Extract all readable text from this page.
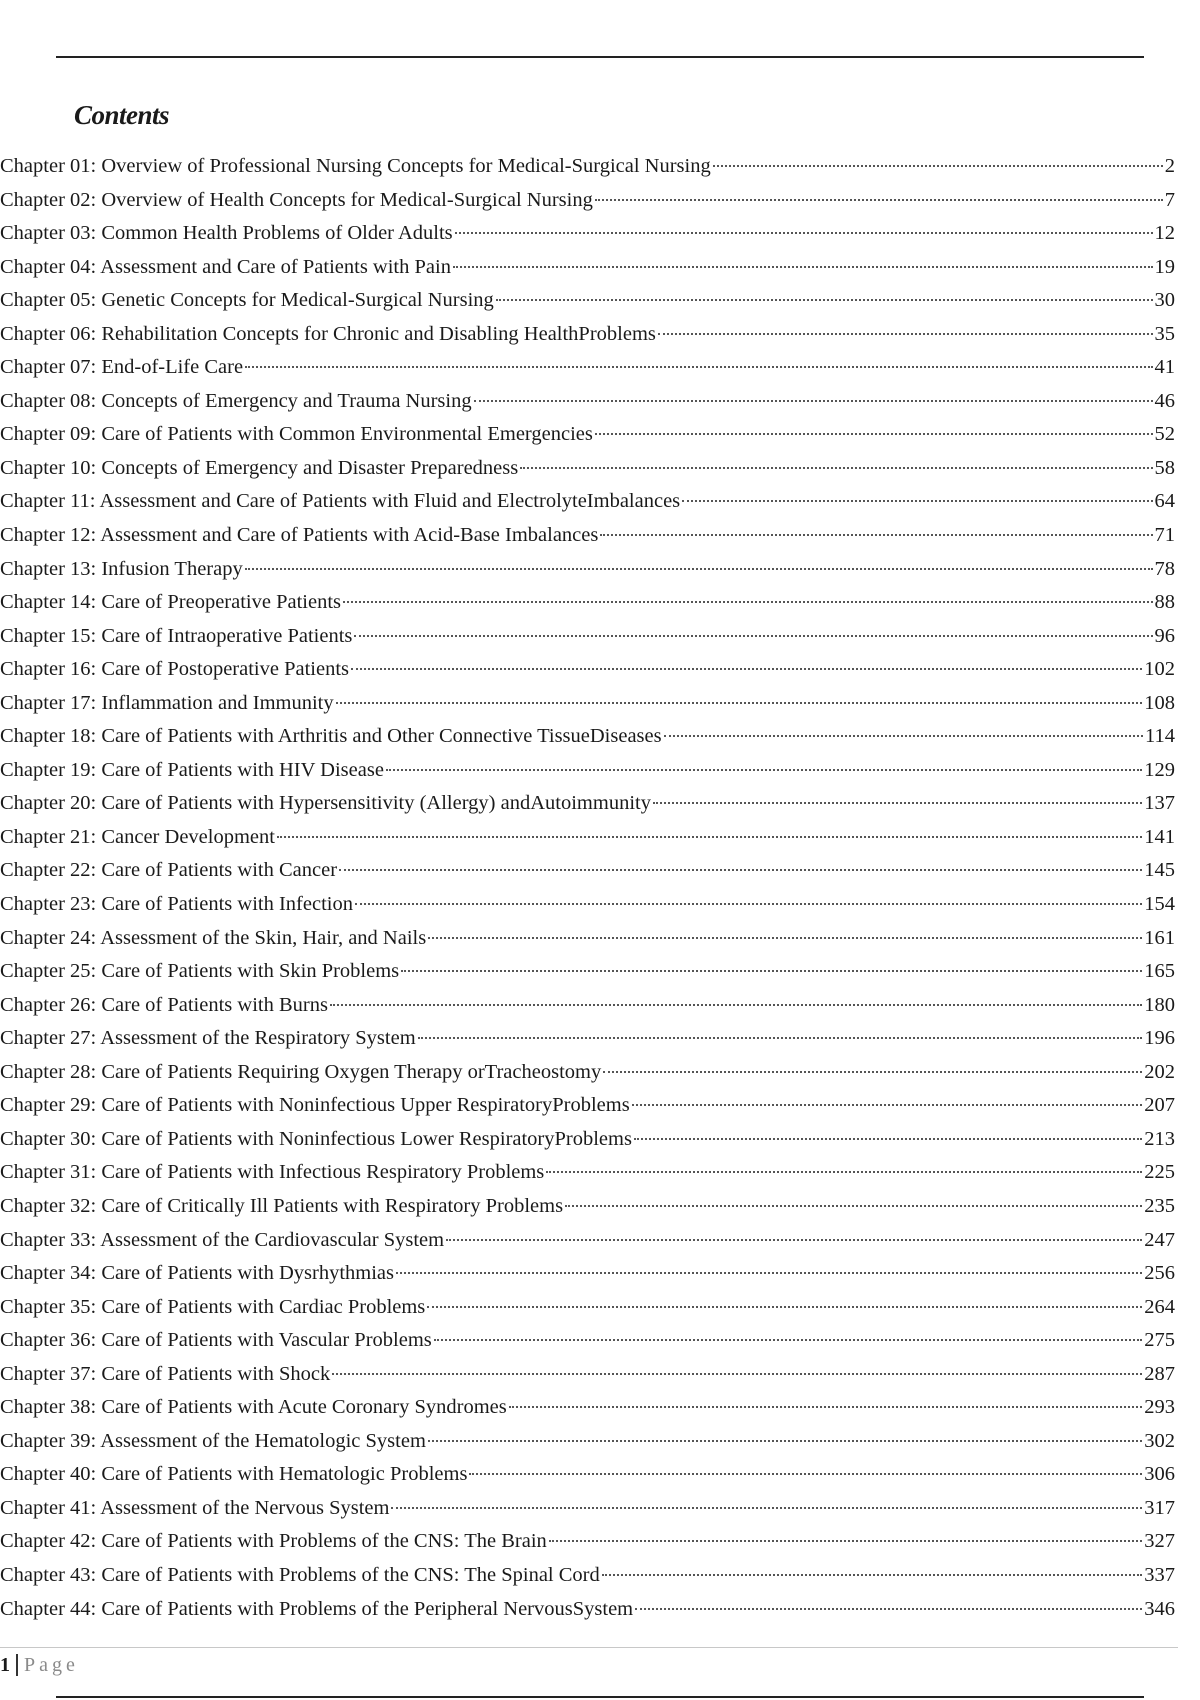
Contents
Chapter 01: Overview of Professional Nursing Concepts for Medical-Surgical Nursing	2
Chapter 02: Overview of Health Concepts for Medical-Surgical Nursing	7
Chapter 03: Common Health Problems of Older Adults	12
Chapter 04: Assessment and Care of Patients with Pain	19
Chapter 05: Genetic Concepts for Medical-Surgical Nursing	30
Chapter 06: Rehabilitation Concepts for Chronic and Disabling HealthProblems	35
Chapter 07: End-of-Life Care	41
Chapter 08: Concepts of Emergency and Trauma Nursing	46
Chapter 09: Care of Patients with Common Environmental Emergencies	52
Chapter 10: Concepts of Emergency and Disaster Preparedness	58
Chapter 11: Assessment and Care of Patients with Fluid and ElectrolyteImbalances	64
Chapter 12: Assessment and Care of Patients with Acid-Base Imbalances	71
Chapter 13: Infusion Therapy	78
Chapter 14: Care of Preoperative Patients	88
Chapter 15: Care of Intraoperative Patients	96
Chapter 16: Care of Postoperative Patients	102
Chapter 17: Inflammation and Immunity	108
Chapter 18: Care of Patients with Arthritis and Other Connective TissueDiseases	114
Chapter 19: Care of Patients with HIV Disease	129
Chapter 20: Care of Patients with Hypersensitivity (Allergy) andAutoimmunity	137
Chapter 21: Cancer Development	141
Chapter 22: Care of Patients with Cancer	145
Chapter 23: Care of Patients with Infection	154
Chapter 24: Assessment of the Skin, Hair, and Nails	161
Chapter 25: Care of Patients with Skin Problems	165
Chapter 26: Care of Patients with Burns	180
Chapter 27: Assessment of the Respiratory System	196
Chapter 28: Care of Patients Requiring Oxygen Therapy orTracheostomy	202
Chapter 29: Care of Patients with Noninfectious Upper RespiratoryProblems	207
Chapter 30: Care of Patients with Noninfectious Lower RespiratoryProblems	213
Chapter 31: Care of Patients with Infectious Respiratory Problems	225
Chapter 32: Care of Critically Ill Patients with Respiratory Problems	235
Chapter 33: Assessment of the Cardiovascular System	247
Chapter 34: Care of Patients with Dysrhythmias	256
Chapter 35: Care of Patients with Cardiac Problems	264
Chapter 36: Care of Patients with Vascular Problems	275
Chapter 37: Care of Patients with Shock	287
Chapter 38: Care of Patients with Acute Coronary Syndromes	293
Chapter 39: Assessment of the Hematologic System	302
Chapter 40: Care of Patients with Hematologic Problems	306
Chapter 41: Assessment of the Nervous System	317
Chapter 42: Care of Patients with Problems of the CNS: The Brain	327
Chapter 43: Care of Patients with Problems of the CNS: The Spinal Cord	337
Chapter 44: Care of Patients with Problems of the Peripheral NervousSystem	346
1 Page
